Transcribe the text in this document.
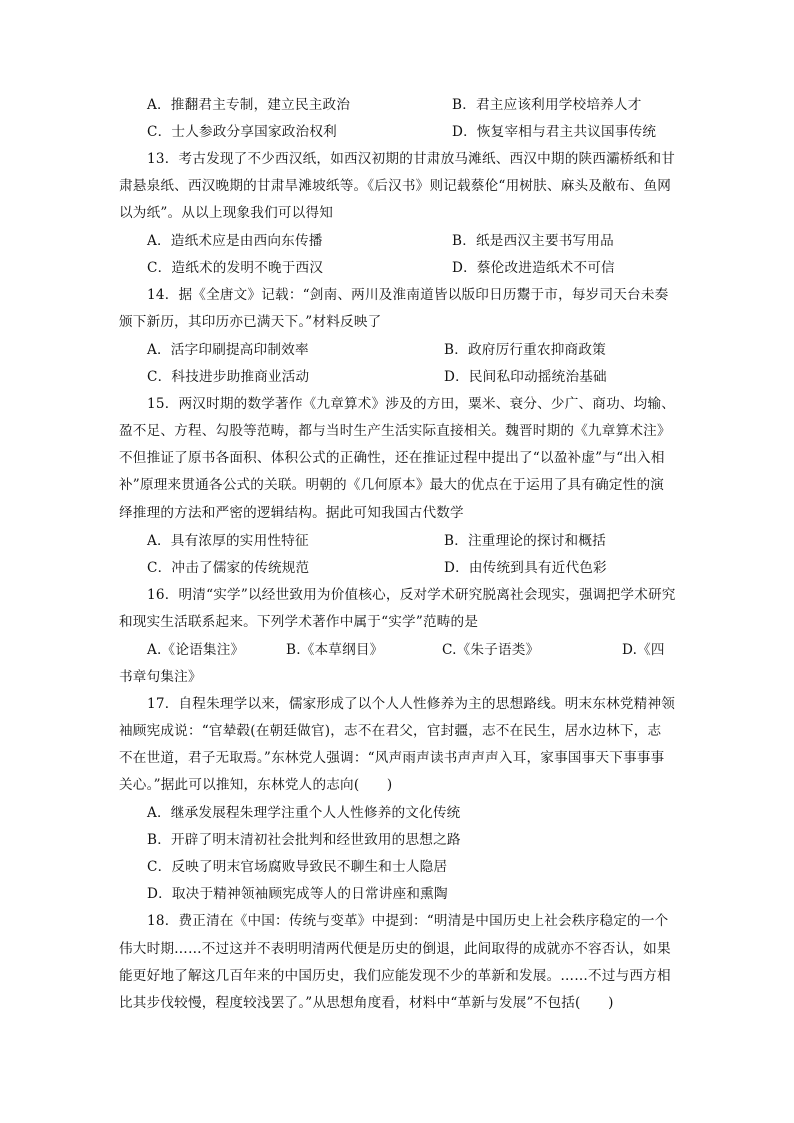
A．推翻君主专制，建立民主政治	B．君主应该利用学校培养人才
C．士人参政分享国家政治权利	D．恢复宰相与君主共议国事传统
13．考古发现了不少西汉纸，如西汉初期的甘肃放马滩纸、西汉中期的陕西灞桥纸和甘
肃悬泉纸、西汉晚期的甘肃旱滩坡纸等。《后汉书》则记载蔡伦“用树肤、麻头及敝布、鱼网
以为纸”。从以上现象我们可以得知
A．造纸术应是由西向东传播	B．纸是西汉主要书写用品
C．造纸术的发明不晚于西汉	D．蔡伦改进造纸术不可信
14．据《全唐文》记载：“剑南、两川及淮南道皆以版印日历鬻于市，每岁司天台未奏
颁下新历，其印历亦已满天下。”材料反映了
A．活字印刷提高印制效率	B．政府厉行重农抑商政策
C．科技进步助推商业活动	D．民间私印动摇统治基础
15．两汉时期的数学著作《九章算术》涉及的方田，粟米、衰分、少广、商功、均输、
盈不足、方程、勾股等范畴，都与当时生产生活实际直接相关。魏晋时期的《九章算术注》
不但推证了原书各面积、体积公式的正确性，还在推证过程中提出了“以盈补虚”与“出入相
补”原理来贯通各公式的关联。明朝的《几何原本》最大的优点在于运用了具有确定性的演
绎推理的方法和严密的逻辑结构。据此可知我国古代数学
A．具有浓厚的实用性特征	B．注重理论的探讨和概括
C．冲击了儒家的传统规范	D．由传统到具有近代色彩
16．明清“实学”以经世致用为价值核心，反对学术研究脱离社会现实，强调把学术研究
和现实生活联系起来。下列学术著作中属于“实学”范畴的是
A.《论语集注》	B.《本草纲目》	C.《朱子语类》	D.《四
书章句集注》
17．自程朱理学以来，儒家形成了以个人人性修养为主的思想路线。明末东林党精神领
袖顾宪成说：“官辇毂(在朝廷做官)，志不在君父，官封疆，志不在民生，居水边林下，志
不在世道，君子无取焉。”东林党人强调：“风声雨声读书声声声入耳，家事国事天下事事事
关心。”据此可以推知，东林党人的志向(　　)
A．继承发展程朱理学注重个人人性修养的文化传统
B．开辟了明末清初社会批判和经世致用的思想之路
C．反映了明末官场腐败导致民不聊生和士人隐居
D．取决于精神领袖顾宪成等人的日常讲座和熏陶
18．费正清在《中国：传统与变革》中提到：“明清是中国历史上社会秩序稳定的一个
伟大时期……不过这并不表明明清两代便是历史的倒退，此间取得的成就亦不容否认，如果
能更好地了解这几百年来的中国历史，我们应能发现不少的革新和发展。……不过与西方相
比其步伐较慢，程度较浅罢了。”从思想角度看，材料中“革新与发展”不包括(　　)
